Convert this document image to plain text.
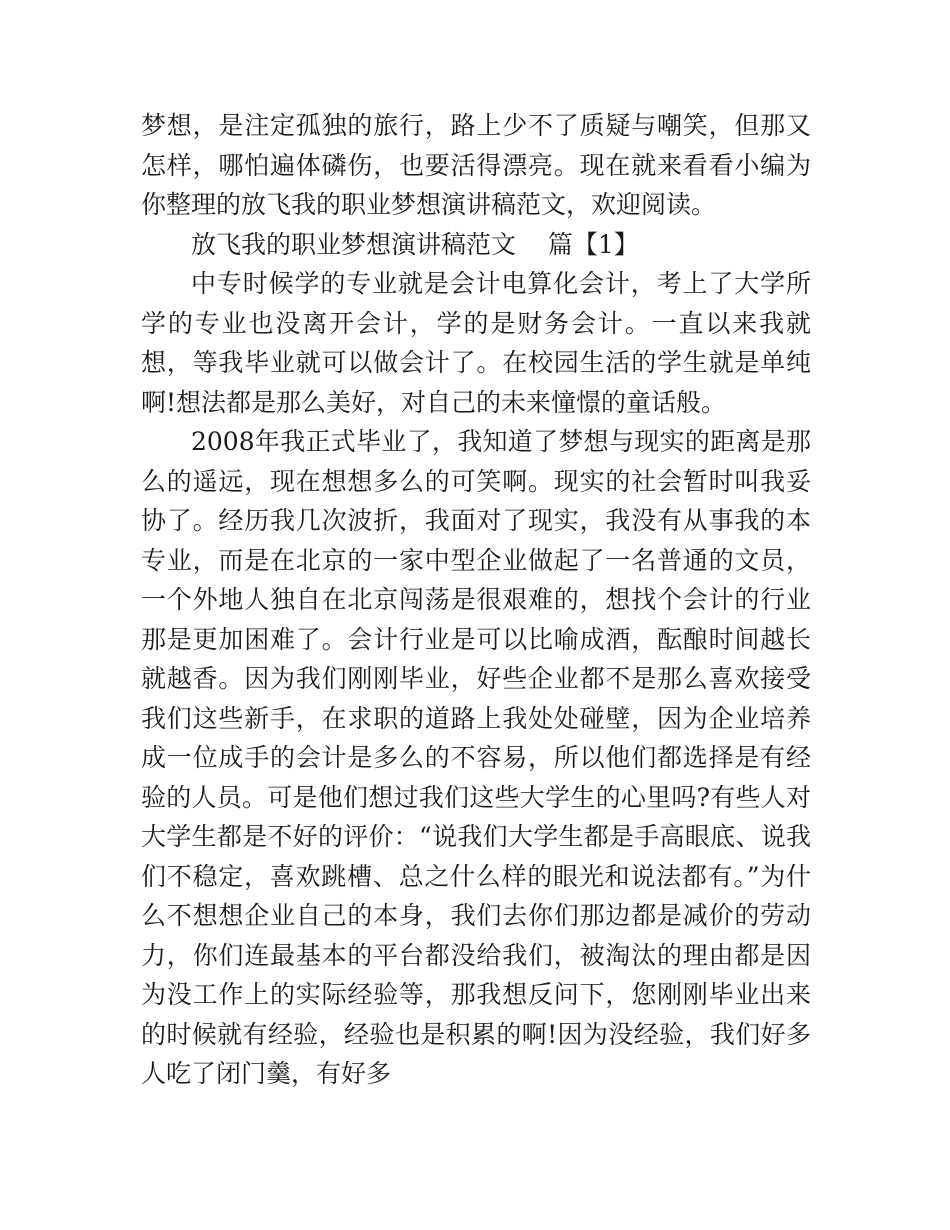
梦想，是注定孤独的旅行，路上少不了质疑与嘲笑，但那又怎样，哪怕遍体磷伤，也要活得漂亮。现在就来看看小编为你整理的放飞我的职业梦想演讲稿范文，欢迎阅读。

放飞我的职业梦想演讲稿范文 篇【1】

中专时候学的专业就是会计电算化会计，考上了大学所学的专业也没离开会计，学的是财务会计。一直以来我就想，等我毕业就可以做会计了。在校园生活的学生就是单纯啊!想法都是那么美好，对自己的未来憧憬的童话般。

2008年我正式毕业了，我知道了梦想与现实的距离是那么的遥远，现在想想多么的可笑啊。现实的社会暂时叫我妥协了。经历我几次波折，我面对了现实，我没有从事我的本专业，而是在北京的一家中型企业做起了一名普通的文员，一个外地人独自在北京闯荡是很艰难的，想找个会计的行业那是更加困难了。会计行业是可以比喻成酒，酝酿时间越长就越香。因为我们刚刚毕业，好些企业都不是那么喜欢接受我们这些新手，在求职的道路上我处处碰壁，因为企业培养成一位成手的会计是多么的不容易，所以他们都选择是有经验的人员。可是他们想过我们这些大学生的心里吗?有些人对大学生都是不好的评价：“说我们大学生都是手高眼底、说我们不稳定，喜欢跳槽、总之什么样的眼光和说法都有。”为什么不想想企业自己的本身，我们去你们那边都是减价的劳动力，你们连最基本的平台都没给我们，被淘汰的理由都是因为没工作上的实际经验等，那我想反问下，您刚刚毕业出来的时候就有经验，经验也是积累的啊!因为没经验，我们好多人吃了闭门羹，有好多
